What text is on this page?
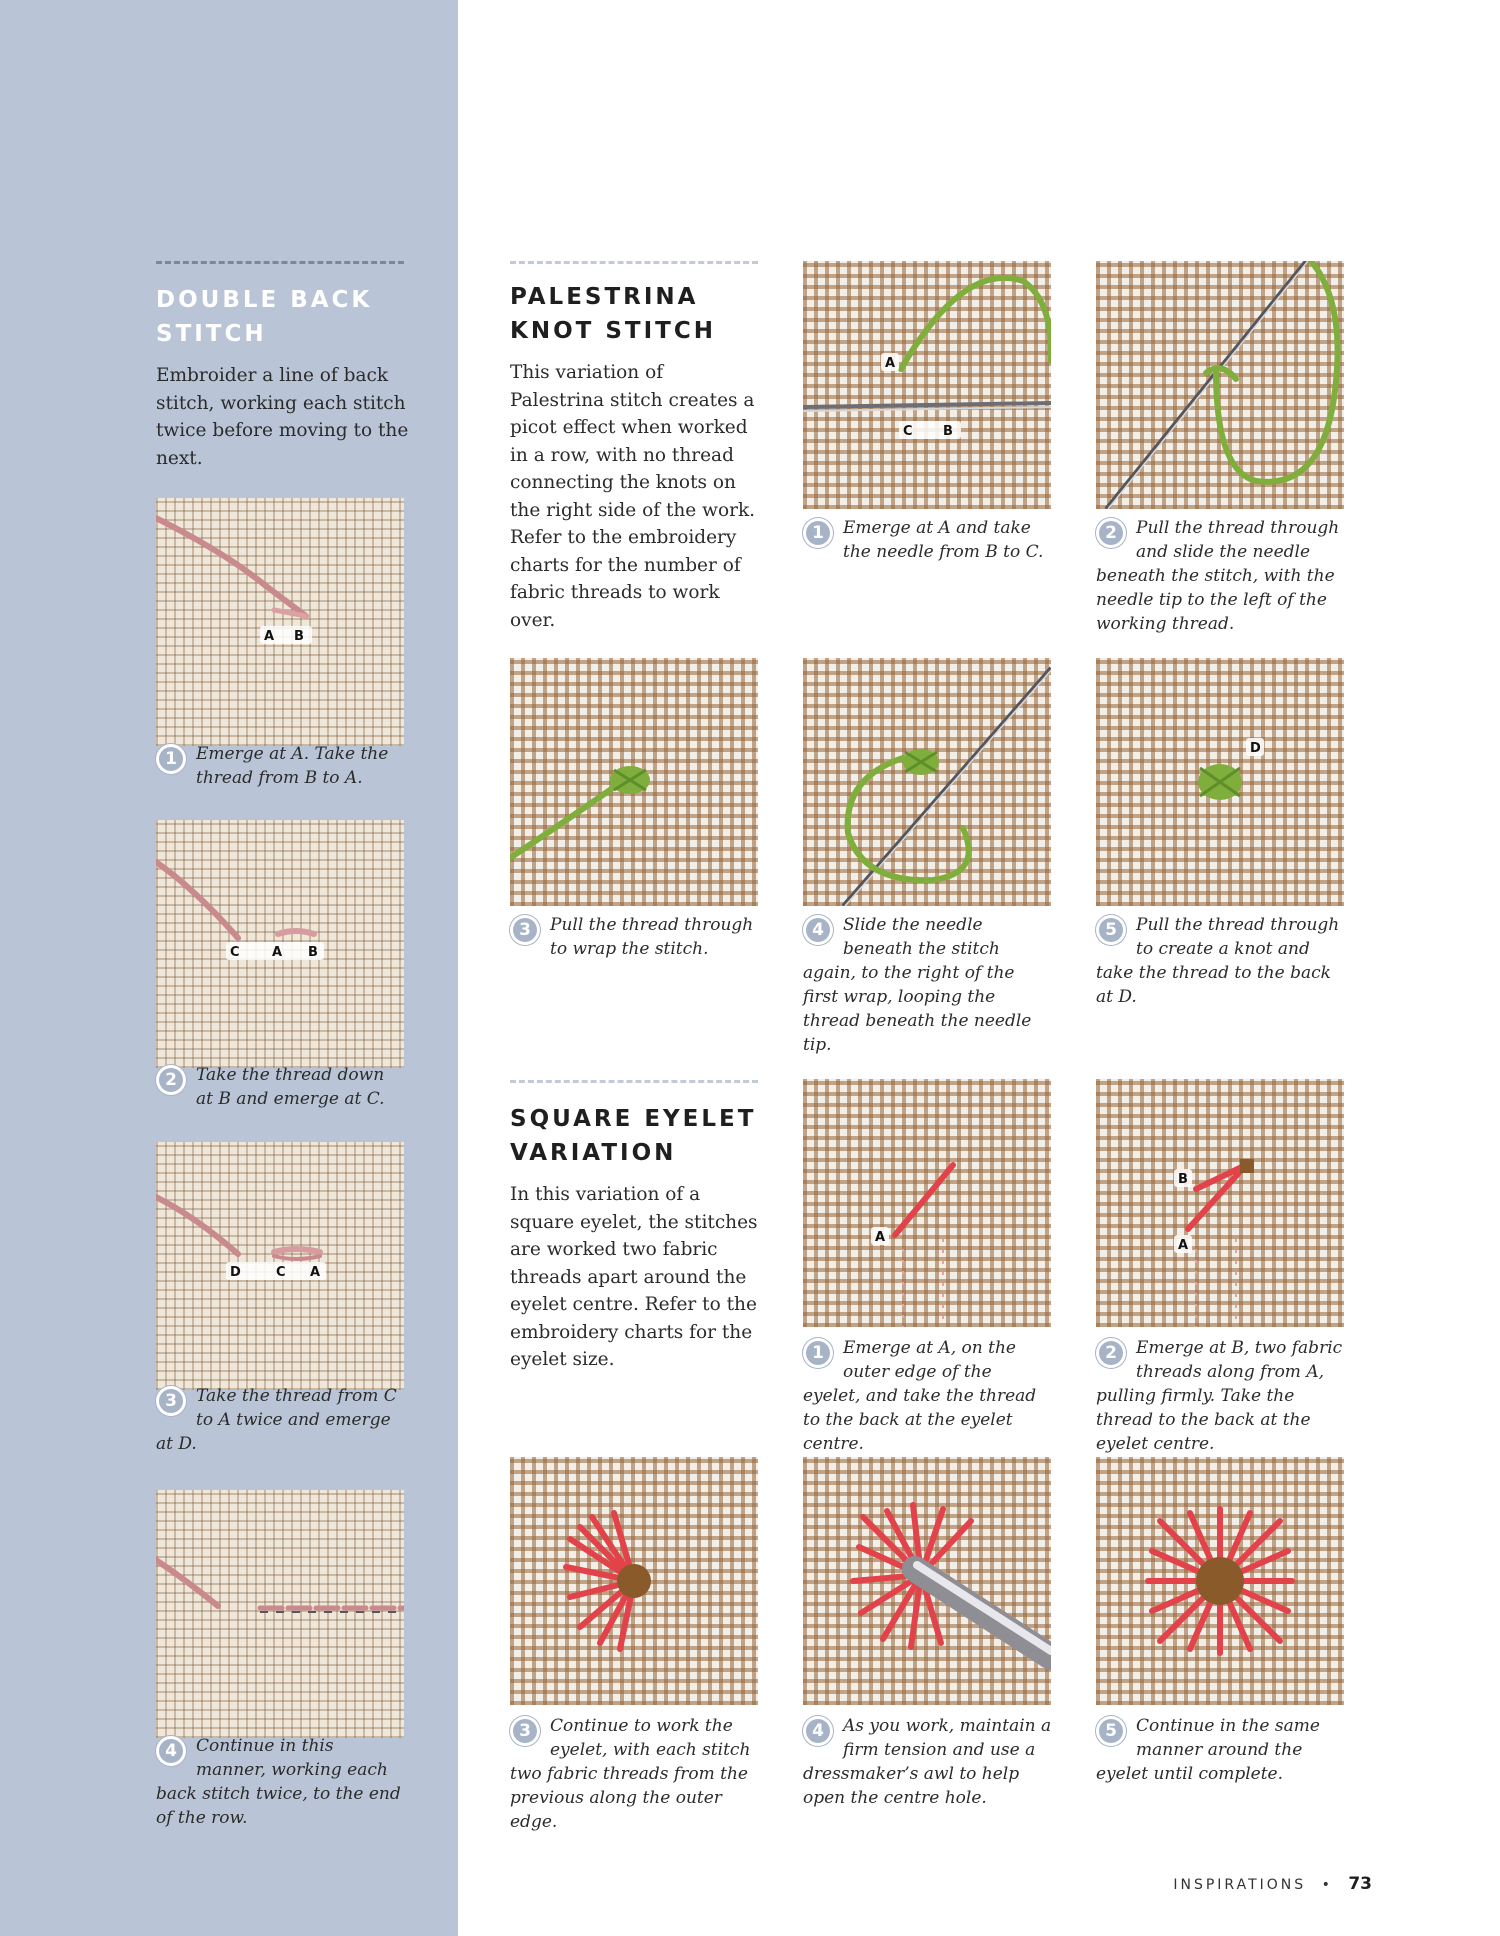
DOUBLE BACK
STITCH
Embroider a line of back stitch, working each stitch twice before moving to the next.
A B
1	Emerge at A. Take the thread from B to A.
C A B
2	Take the thread down at B and emerge at C.
D	C A
3	Take the thread from C to A twice and emerge at D.
4	Continue in this manner, working each back stitch twice, to the end of the row.
PALESTRINA
KNOT STITCH
This variation of Palestrina stitch creates a picot effect when worked in a row, with no thread connecting the knots on the right side of the work. Refer to the embroidery charts for the number of fabric threads to work over.
A
C B
1	Emerge at A and take the needle from B to C.
2	Pull the thread through and slide the needle beneath the stitch, with the needle tip to the left of the working thread.
3	Pull the thread through to wrap the stitch.
4	Slide the needle beneath the stitch again, to the right of the first wrap, looping the thread beneath the needle tip.
D
5	Pull the thread through to create a knot and take the thread to the back at D.
SQUARE EYELET
VARIATION
In this variation of a square eyelet, the stitches are worked two fabric threads apart around the eyelet centre. Refer to the embroidery charts for the eyelet size.
A
1	Emerge at A, on the outer edge of the eyelet, and take the thread to the back at the eyelet centre.
B
A
2	Emerge at B, two fabric threads along from A, pulling firmly. Take the thread to the back at the eyelet centre.
3	Continue to work the eyelet, with each stitch two fabric threads from the previous along the outer edge.
4	As you work, maintain a firm tension and use a dressmaker’s awl to help open the centre hole.
5	Continue in the same manner around the eyelet until complete.
INSPIRATIONS • 73
